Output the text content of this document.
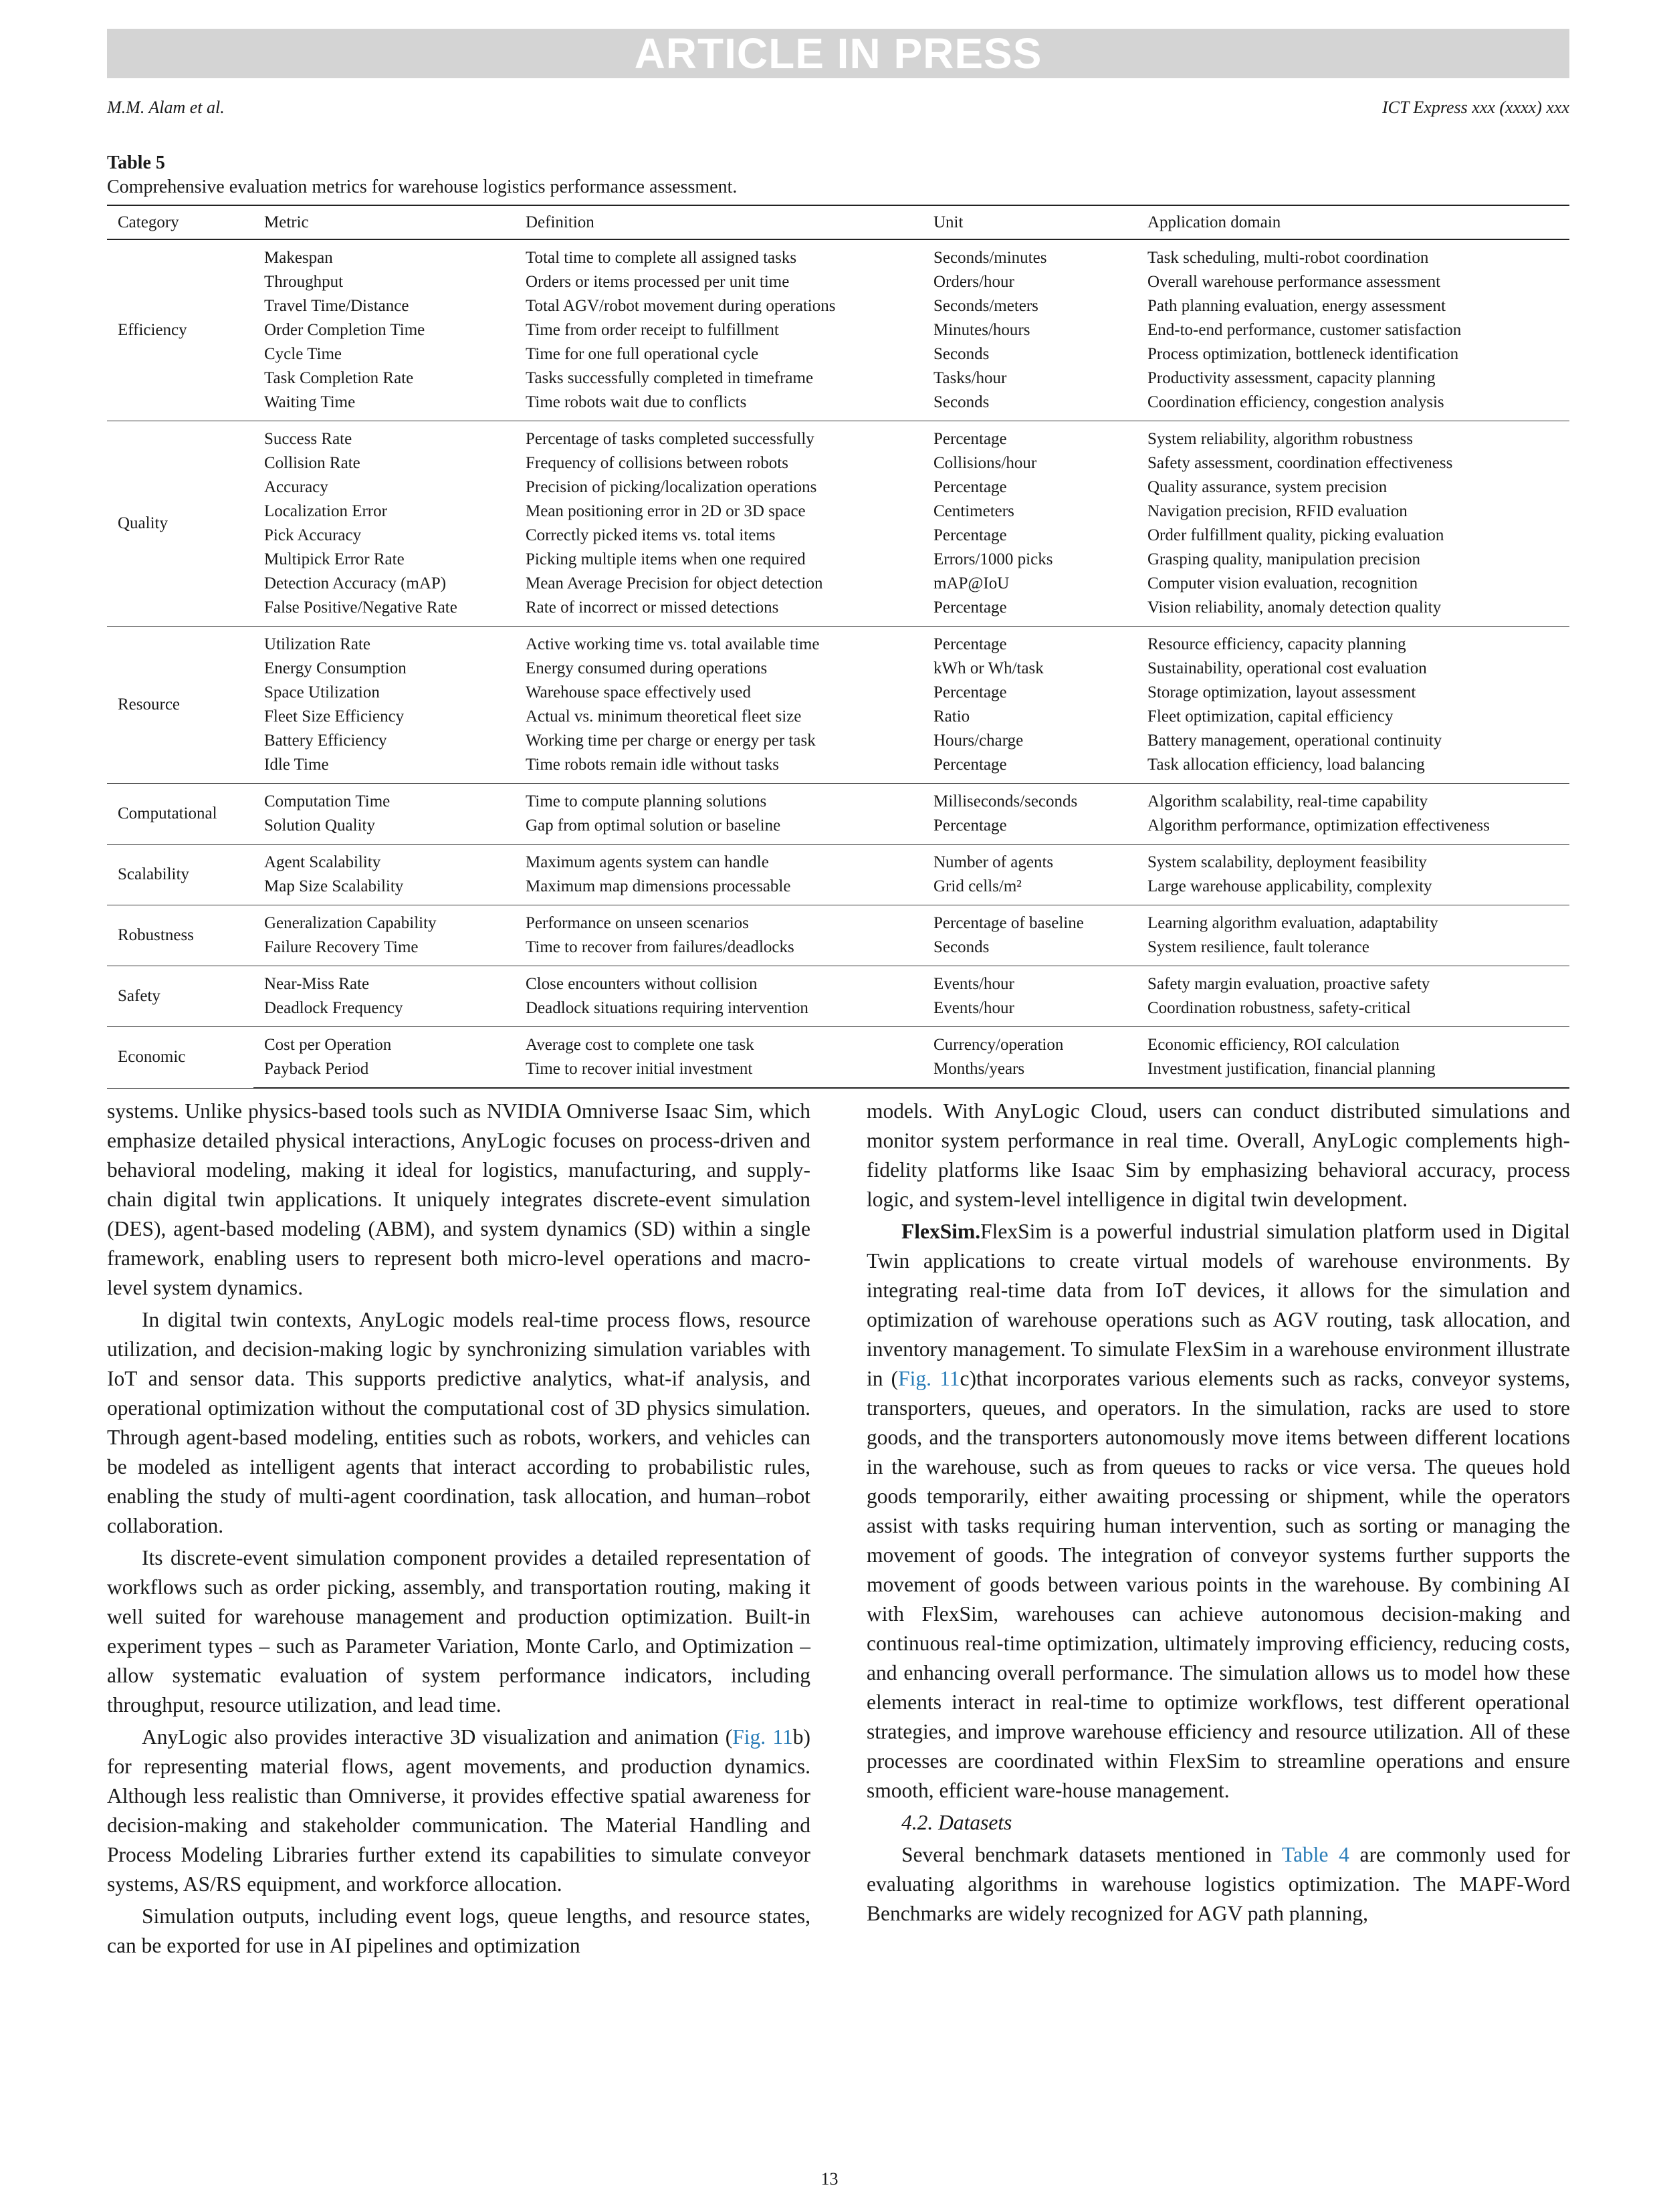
ARTICLE IN PRESS
M.M. Alam et al.	ICT Express xxx (xxxx) xxx
Table 5
Comprehensive evaluation metrics for warehouse logistics performance assessment.
Category	Metric	Definition	Unit	Application domain
Efficiency	Makespan	Total time to complete all assigned tasks	Seconds/minutes	Task scheduling, multi-robot coordination
	Throughput	Orders or items processed per unit time	Orders/hour	Overall warehouse performance assessment
	Travel Time/Distance	Total AGV/robot movement during operations	Seconds/meters	Path planning evaluation, energy assessment
	Order Completion Time	Time from order receipt to fulfillment	Minutes/hours	End-to-end performance, customer satisfaction
	Cycle Time	Time for one full operational cycle	Seconds	Process optimization, bottleneck identification
	Task Completion Rate	Tasks successfully completed in timeframe	Tasks/hour	Productivity assessment, capacity planning
	Waiting Time	Time robots wait due to conflicts	Seconds	Coordination efficiency, congestion analysis
Quality	Success Rate	Percentage of tasks completed successfully	Percentage	System reliability, algorithm robustness
	Collision Rate	Frequency of collisions between robots	Collisions/hour	Safety assessment, coordination effectiveness
	Accuracy	Precision of picking/localization operations	Percentage	Quality assurance, system precision
	Localization Error	Mean positioning error in 2D or 3D space	Centimeters	Navigation precision, RFID evaluation
	Pick Accuracy	Correctly picked items vs. total items	Percentage	Order fulfillment quality, picking evaluation
	Multipick Error Rate	Picking multiple items when one required	Errors/1000 picks	Grasping quality, manipulation precision
	Detection Accuracy (mAP)	Mean Average Precision for object detection	mAP@IoU	Computer vision evaluation, recognition
	False Positive/Negative Rate	Rate of incorrect or missed detections	Percentage	Vision reliability, anomaly detection quality
Resource	Utilization Rate	Active working time vs. total available time	Percentage	Resource efficiency, capacity planning
	Energy Consumption	Energy consumed during operations	kWh or Wh/task	Sustainability, operational cost evaluation
	Space Utilization	Warehouse space effectively used	Percentage	Storage optimization, layout assessment
	Fleet Size Efficiency	Actual vs. minimum theoretical fleet size	Ratio	Fleet optimization, capital efficiency
	Battery Efficiency	Working time per charge or energy per task	Hours/charge	Battery management, operational continuity
	Idle Time	Time robots remain idle without tasks	Percentage	Task allocation efficiency, load balancing
Computational	Computation Time	Time to compute planning solutions	Milliseconds/seconds	Algorithm scalability, real-time capability
	Solution Quality	Gap from optimal solution or baseline	Percentage	Algorithm performance, optimization effectiveness
Scalability	Agent Scalability	Maximum agents system can handle	Number of agents	System scalability, deployment feasibility
	Map Size Scalability	Maximum map dimensions processable	Grid cells/m²	Large warehouse applicability, complexity
Robustness	Generalization Capability	Performance on unseen scenarios	Percentage of baseline	Learning algorithm evaluation, adaptability
	Failure Recovery Time	Time to recover from failures/deadlocks	Seconds	System resilience, fault tolerance
Safety	Near-Miss Rate	Close encounters without collision	Events/hour	Safety margin evaluation, proactive safety
	Deadlock Frequency	Deadlock situations requiring intervention	Events/hour	Coordination robustness, safety-critical
Economic	Cost per Operation	Average cost to complete one task	Currency/operation	Economic efficiency, ROI calculation
	Payback Period	Time to recover initial investment	Months/years	Investment justification, financial planning

systems. Unlike physics-based tools such as NVIDIA Omniverse Isaac Sim, which emphasize detailed physical interactions, AnyLogic focuses on process-driven and behavioral modeling, making it ideal for logistics, manufacturing, and supply-chain digital twin applications. It uniquely integrates discrete-event simulation (DES), agent-based modeling (ABM), and system dynamics (SD) within a single framework, enabling users to represent both micro-level operations and macro-level system dynamics.

In digital twin contexts, AnyLogic models real-time process flows, resource utilization, and decision-making logic by synchronizing simulation variables with IoT and sensor data. This supports predictive analytics, what-if analysis, and operational optimization without the computational cost of 3D physics simulation. Through agent-based modeling, entities such as robots, workers, and vehicles can be modeled as intelligent agents that interact according to probabilistic rules, enabling the study of multi-agent coordination, task allocation, and human–robot collaboration.

Its discrete-event simulation component provides a detailed representation of workflows such as order picking, assembly, and transportation routing, making it well suited for warehouse management and production optimization. Built-in experiment types – such as Parameter Variation, Monte Carlo, and Optimization – allow systematic evaluation of system performance indicators, including throughput, resource utilization, and lead time.

AnyLogic also provides interactive 3D visualization and animation (Fig. 11b) for representing material flows, agent movements, and production dynamics. Although less realistic than Omniverse, it provides effective spatial awareness for decision-making and stakeholder communication. The Material Handling and Process Modeling Libraries further extend its capabilities to simulate conveyor systems, AS/RS equipment, and workforce allocation.

Simulation outputs, including event logs, queue lengths, and resource states, can be exported for use in AI pipelines and optimization

models. With AnyLogic Cloud, users can conduct distributed simulations and monitor system performance in real time. Overall, AnyLogic complements high-fidelity platforms like Isaac Sim by emphasizing behavioral accuracy, process logic, and system-level intelligence in digital twin development.

FlexSim.FlexSim is a powerful industrial simulation platform used in Digital Twin applications to create virtual models of warehouse environments. By integrating real-time data from IoT devices, it allows for the simulation and optimization of warehouse operations such as AGV routing, task allocation, and inventory management. To simulate FlexSim in a warehouse environment illustrate in (Fig. 11c)that incorporates various elements such as racks, conveyor systems, transporters, queues, and operators. In the simulation, racks are used to store goods, and the transporters autonomously move items between different locations in the warehouse, such as from queues to racks or vice versa. The queues hold goods temporarily, either awaiting processing or shipment, while the operators assist with tasks requiring human intervention, such as sorting or managing the movement of goods. The integration of conveyor systems further supports the movement of goods between various points in the warehouse. By combining AI with FlexSim, warehouses can achieve autonomous decision-making and continuous real-time optimization, ultimately improving efficiency, reducing costs, and enhancing overall performance. The simulation allows us to model how these elements interact in real-time to optimize workflows, test different operational strategies, and improve warehouse efficiency and resource utilization. All of these processes are coordinated within FlexSim to streamline operations and ensure smooth, efficient ware-house management.

4.2. Datasets

Several benchmark datasets mentioned in Table 4 are commonly used for evaluating algorithms in warehouse logistics optimization. The MAPF-Word Benchmarks are widely recognized for AGV path planning,

13
